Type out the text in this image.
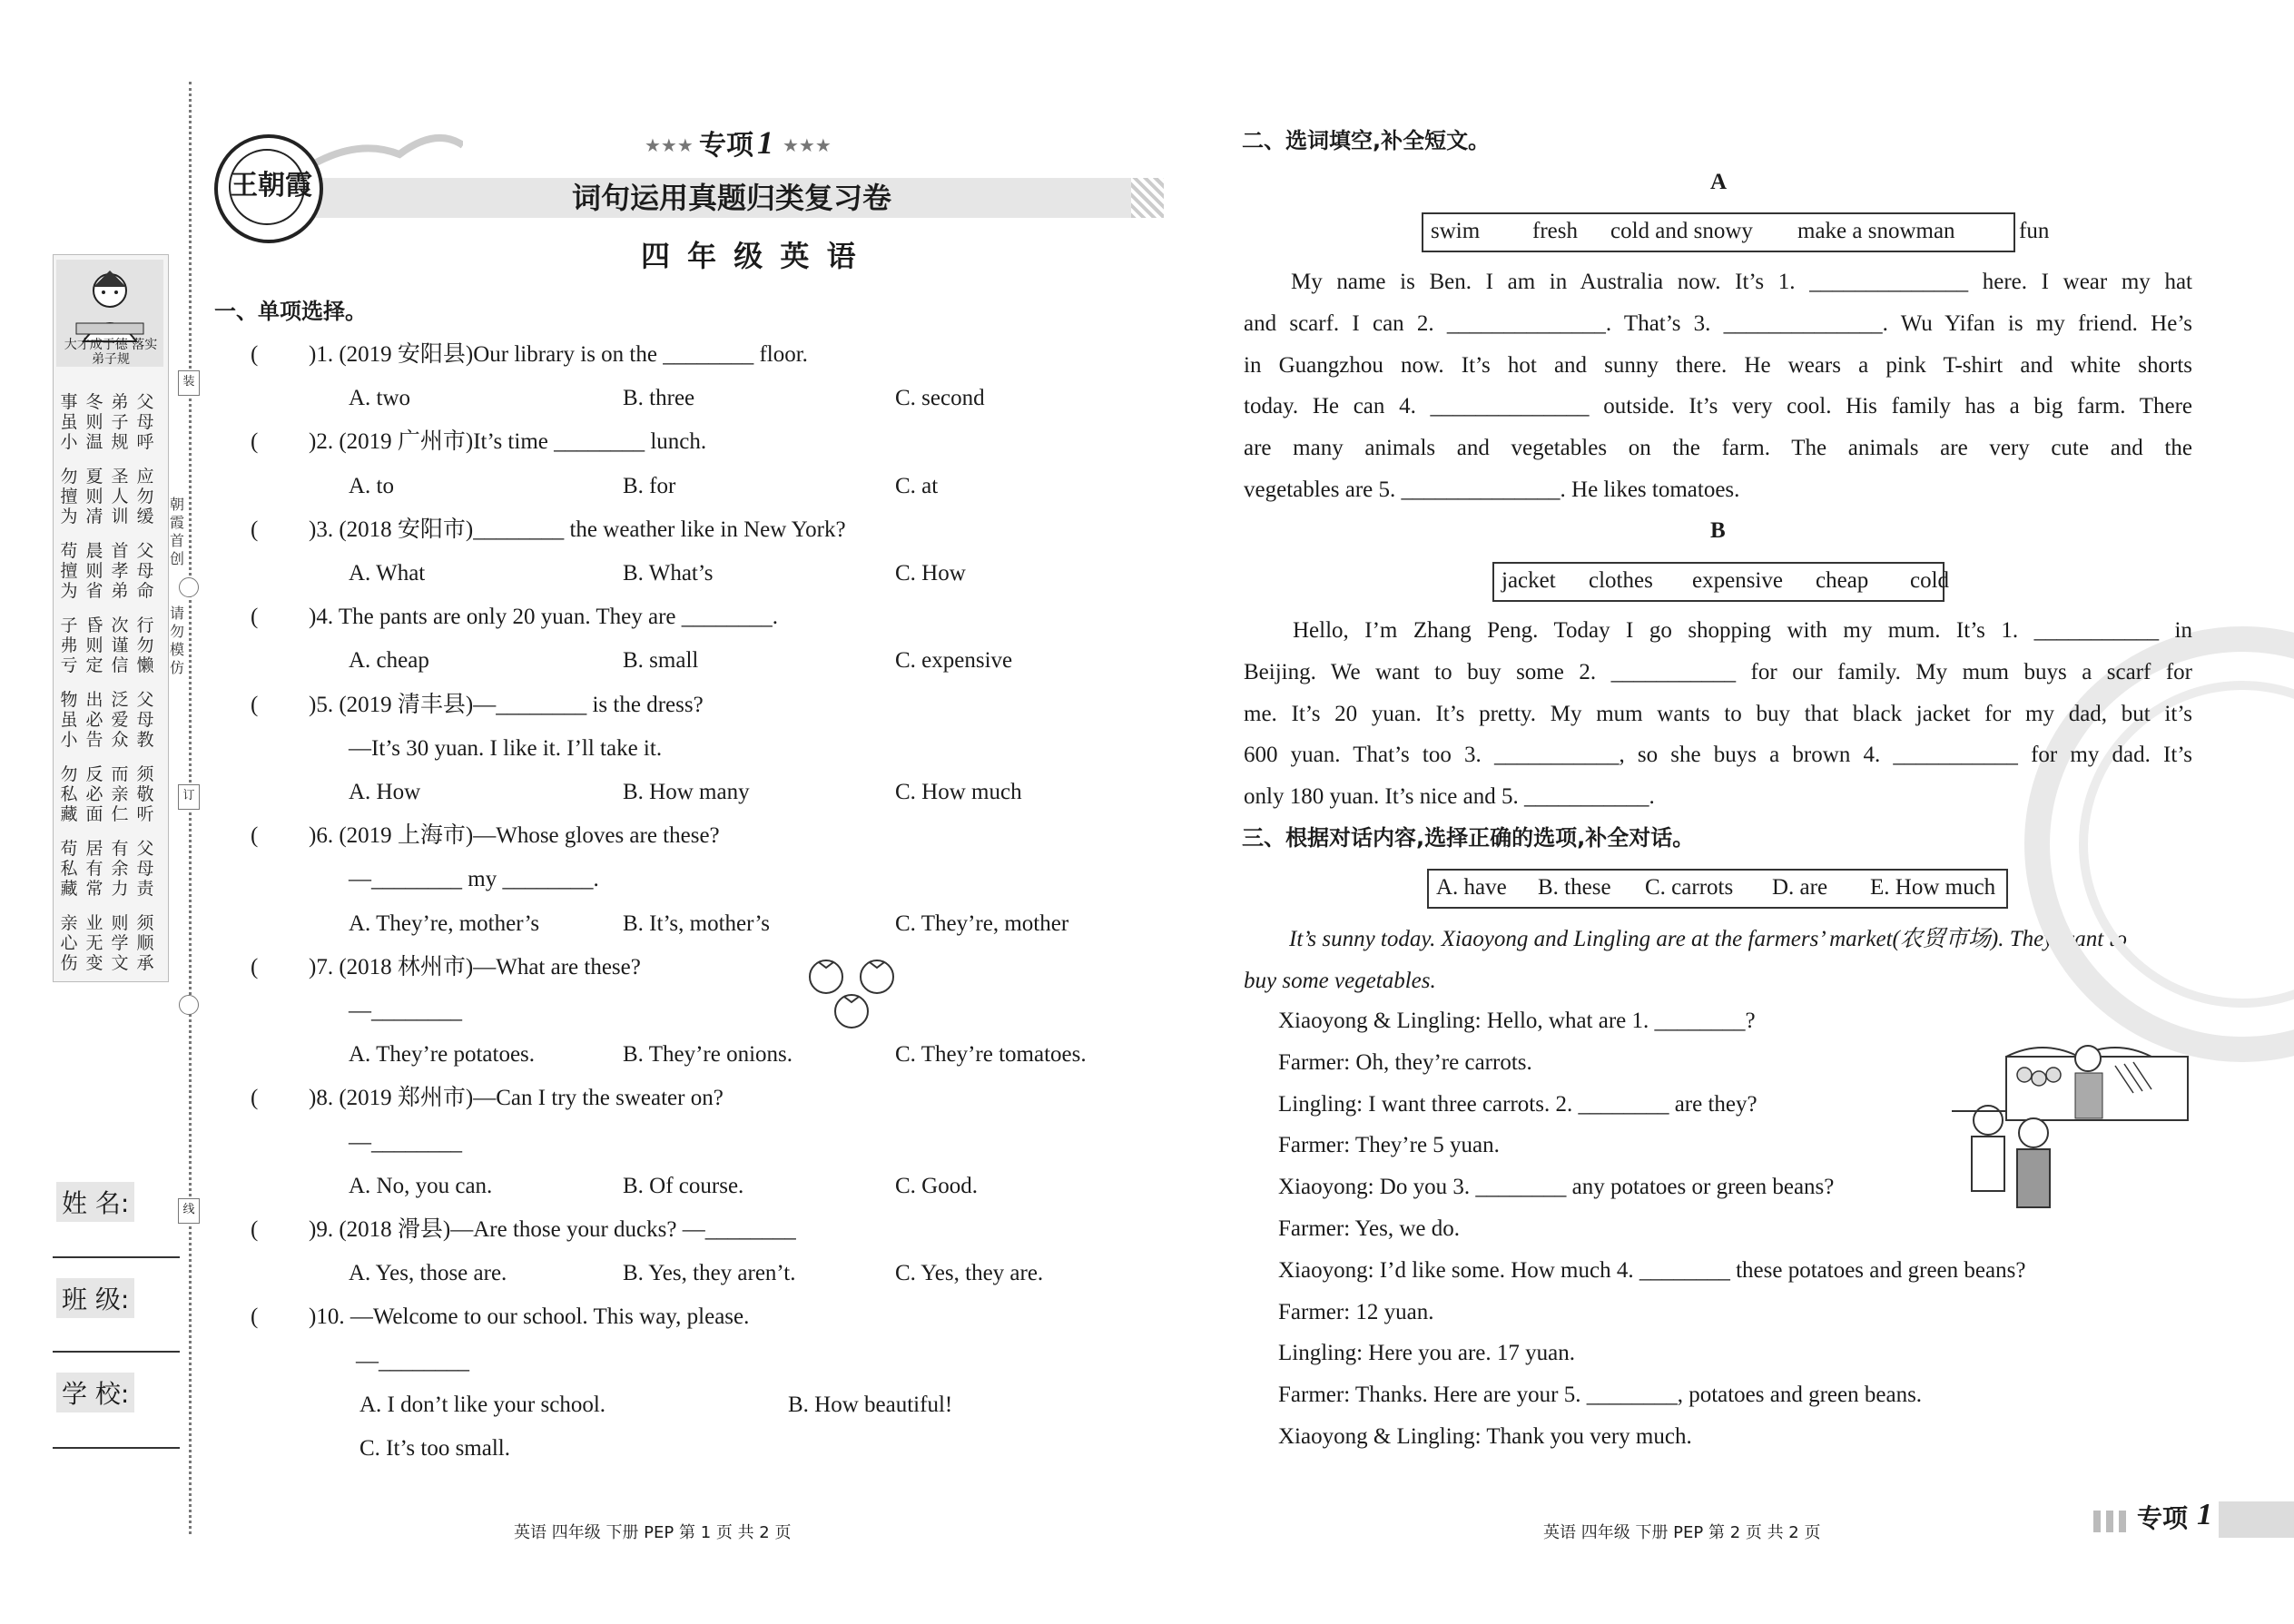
大才成于德 落实弟子规
父母呼
弟子规
冬则温
事虽小
应勿缓
圣人训
夏则凊
勿擅为
父母命
首孝弟
晨则省
苟擅为
行勿懒
次谨信
昏则定
子弗亏
父母教
泛爱众
出必告
物虽小
须敬听
而亲仁
反必面
勿私藏
父母责
有余力
居有常
苟私藏
须顺承
则学文
业无变
亲心伤
装
订
线
朝霞首创
请勿模仿
姓 名:
班 级:
学 校:
王朝霞
★★★ 专项 1 ★★★
词句运用真题归类复习卷
四 年 级 英 语
一、单项选择。
二、选词填空,补全短文。
A
B
三、根据对话内容,选择正确的选项,补全对话。
It’s sunny today. Xiaoyong and Lingling are at the farmers’ market(农贸市场). They want to
buy some vegetables.
英语 四年级 下册 PEP 第 1 页 共 2 页	英语 四年级 下册 PEP 第 2 页 共 2 页	专项 1
( )1. (2019 安阳县)Our library is on the ________ floor.
A. two	B. three	C. second
( )2. (2019 广州市)It’s time ________ lunch.
A. to	B. for	C. at
( )3. (2018 安阳市)________ the weather like in New York?
A. What	B. What’s	C. How
( )4. The pants are only 20 yuan. They are ________.
A. cheap	B. small	C. expensive
( )5. (2019 清丰县)—________ is the dress?
—It’s 30 yuan. I like it. I’ll take it.
A. How	B. How many	C. How much
( )6. (2019 上海市)—Whose gloves are these?
—________ my ________.
A. They’re, mother’s	B. It’s, mother’s	C. They’re, mother
( )7. (2018 林州市)—What are these?
—________
A. They’re potatoes.	B. They’re onions.	C. They’re tomatoes.
( )8. (2019 郑州市)—Can I try the sweater on?
—________
A. No, you can.	B. Of course.	C. Good.
( )9. (2018 滑县)—Are those your ducks? —________
A. Yes, those are.	B. Yes, they aren’t.	C. Yes, they are.
( )10. —Welcome to our school. This way, please.
—________
A. I don’t like your school.	B. How beautiful!
C. It’s too small.
swim fresh cold and snowy make a snowman	fun
jacket clothes expensive cheap cold
A. have B. these C. carrots D. are E. How much
My name is Ben. I am in Australia now. It’s 1. ______________ here. I wear my hat
and scarf. I can 2. ______________. That’s 3. ______________. Wu Yifan is my friend. He’s
in Guangzhou now. It’s hot and sunny there. He wears a pink T-shirt and white shorts
today. He can 4. ______________ outside. It’s very cool. His family has a big farm. There
are many animals and vegetables on the farm. The animals are very cute and the
vegetables are 5. ______________. He likes tomatoes.
Hello, I’m Zhang Peng. Today I go shopping with my mum. It’s 1. ___________ in
Beijing. We want to buy some 2. ___________ for our family. My mum buys a scarf for
me. It’s 20 yuan. It’s pretty. My mum wants to buy that black jacket for my dad, but it’s
600 yuan. That’s too 3. ___________, so she buys a brown 4. ___________ for my dad. It’s
only 180 yuan. It’s nice and 5. ___________.
Xiaoyong & Lingling: Hello, what are 1. ________?
Farmer: Oh, they’re carrots.
Lingling: I want three carrots. 2. ________ are they?
Farmer: They’re 5 yuan.
Xiaoyong: Do you 3. ________ any potatoes or green beans?
Farmer: Yes, we do.
Xiaoyong: I’d like some. How much 4. ________ these potatoes and green beans?
Farmer: 12 yuan.
Lingling: Here you are. 17 yuan.
Farmer: Thanks. Here are your 5. ________, potatoes and green beans.
Xiaoyong & Lingling: Thank you very much.
